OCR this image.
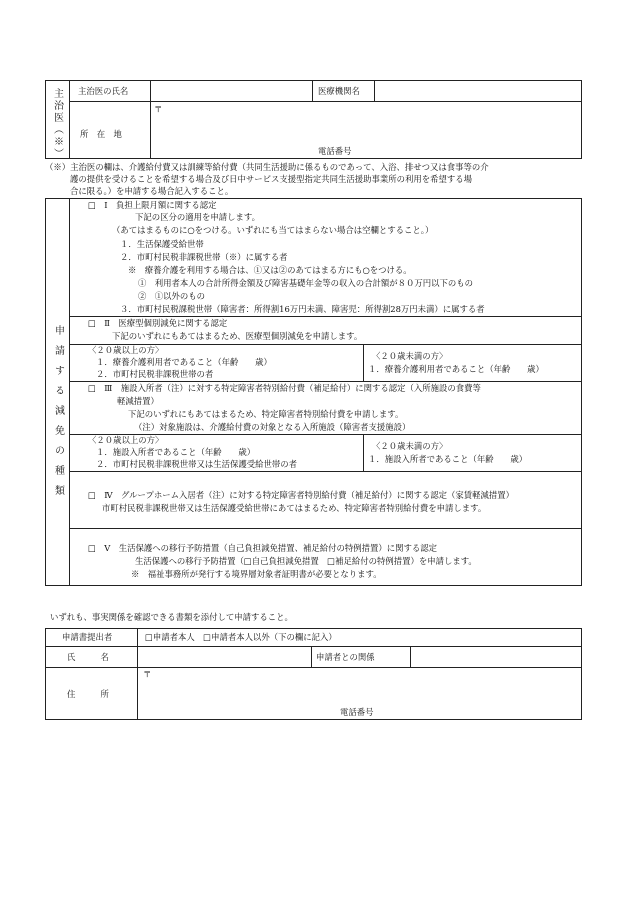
主治医（※） 主治医の氏名	医療機関名
所　在　地
〒
電話番号
（※）主治医の欄は、介護給付費又は訓練等給付費（共同生活援助に係るものであって、入浴、排せつ又は食事等の介
護の提供を受けることを希望する場合及び日中サービス支援型指定共同生活援助事業所の利用を希望する場
合に限る。）を申請する場合記入すること。
申請する減免の種類
□　Ⅰ　負担上限月額に関する認定
下記の区分の適用を申請します。
（あてはまるものに○をつける。いずれにも当てはまらない場合は空欄とすること。）
１．生活保護受給世帯
２．市町村民税非課税世帯（※）に属する者
※　療養介護を利用する場合は、①又は②のあてはまる方にも○をつける。
①　利用者本人の合計所得金額及び障害基礎年金等の収入の合計額が８０万円以下のもの
②　①以外のもの
３．市町村民税課税世帯（障害者：所得割16万円未満、障害児：所得割28万円未満）に属する者
□　Ⅱ　医療型個別減免に関する認定
下記のいずれにもあてはまるため、医療型個別減免を申請します。
〈２０歳以上の方〉
１．療養介護利用者であること（年齢　　歳）
２．市町村民税非課税世帯の者
〈２０歳未満の方〉
１．療養介護利用者であること（年齢　　歳）
□　Ⅲ　施設入所者（注）に対する特定障害者特別給付費（補足給付）に関する認定（入所施設の食費等
軽減措置）
下記のいずれにもあてはまるため、特定障害者特別給付費を申請します。
（注）対象施設は、介護給付費の対象となる入所施設（障害者支援施設）
〈２０歳以上の方〉
１．施設入所者であること（年齢　　歳）
２．市町村民税非課税世帯又は生活保護受給世帯の者
〈２０歳未満の方〉
１．施設入所者であること（年齢　　歳）
□　Ⅳ　グループホーム入居者（注）に対する特定障害者特別給付費（補足給付）に関する認定（家賃軽減措置）
市町村民税非課税世帯又は生活保護受給世帯にあてはまるため、特定障害者特別給付費を申請します。
□　Ⅴ　生活保護への移行予防措置（自己負担減免措置、補足給付の特例措置）に関する認定
生活保護への移行予防措置（□自己負担減免措置　□補足給付の特例措置）を申請します。
※　福祉事務所が発行する境界層対象者証明書が必要となります。
いずれも、事実関係を確認できる書類を添付して申請すること。
申請書提出者	□申請者本人　□申請者本人以外（下の欄に記入）
氏　　　名	申請者との関係
住　　　所
〒
電話番号
